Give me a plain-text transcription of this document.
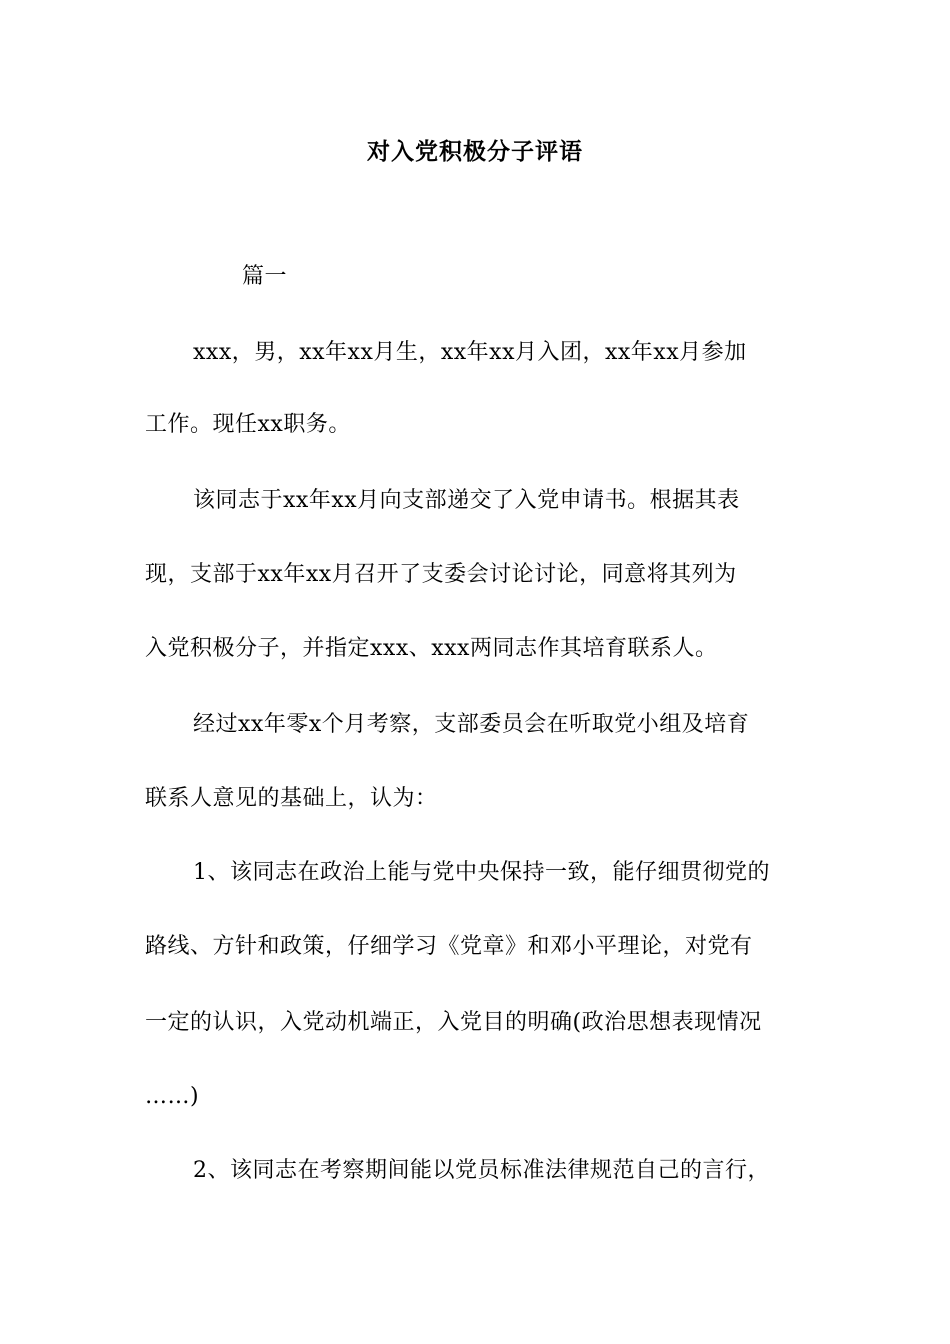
对入党积极分子评语
篇一
xxx，男，xx年xx月生，xx年xx月入团，xx年xx月参加
工作。现任xx职务。
该同志于xx年xx月向支部递交了入党申请书。根据其表
现，支部于xx年xx月召开了支委会讨论讨论，同意将其列为
入党积极分子，并指定xxx、xxx两同志作其培育联系人。
经过xx年零x个月考察，支部委员会在听取党小组及培育
联系人意见的基础上，认为：
1、该同志在政治上能与党中央保持一致，能仔细贯彻党的
路线、方针和政策，仔细学习《党章》和邓小平理论，对党有
一定的认识，入党动机端正，入党目的明确(政治思想表现情况
……)
2、该同志在考察期间能以党员标准法律规范自己的言行，
